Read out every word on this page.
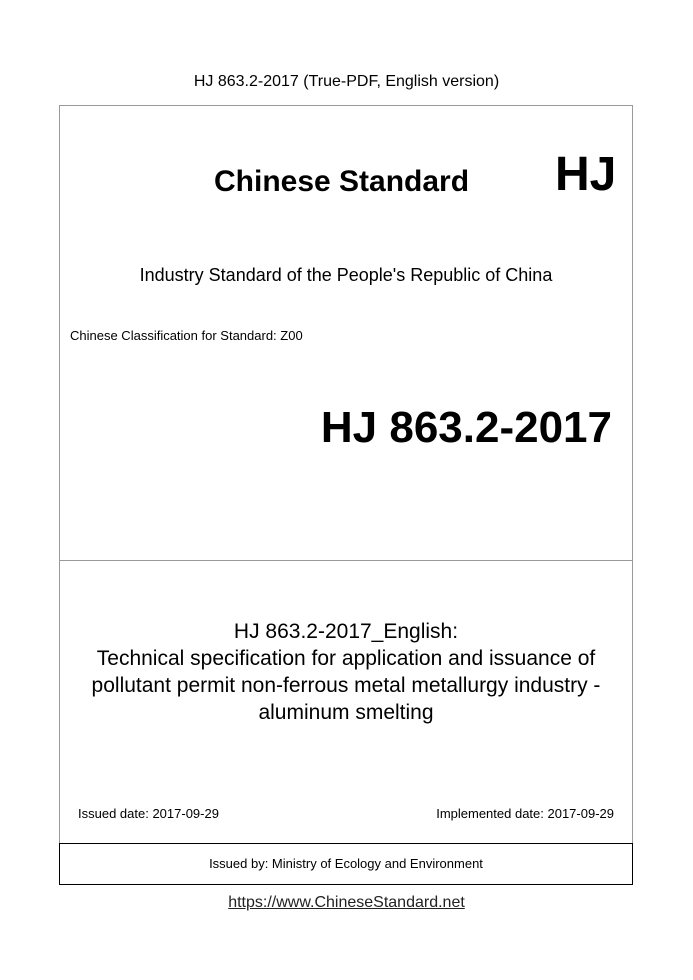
HJ 863.2-2017 (True-PDF, English version)
Chinese Standard HJ
Industry Standard of the People's Republic of China
Chinese Classification for Standard: Z00
HJ 863.2-2017
HJ 863.2-2017_English:
Technical specification for application and issuance of
pollutant permit non-ferrous metal metallurgy industry -
aluminum smelting
Issued date: 2017-09-29	Implemented date: 2017-09-29
Issued by: Ministry of Ecology and Environment
https://www.ChineseStandard.net
